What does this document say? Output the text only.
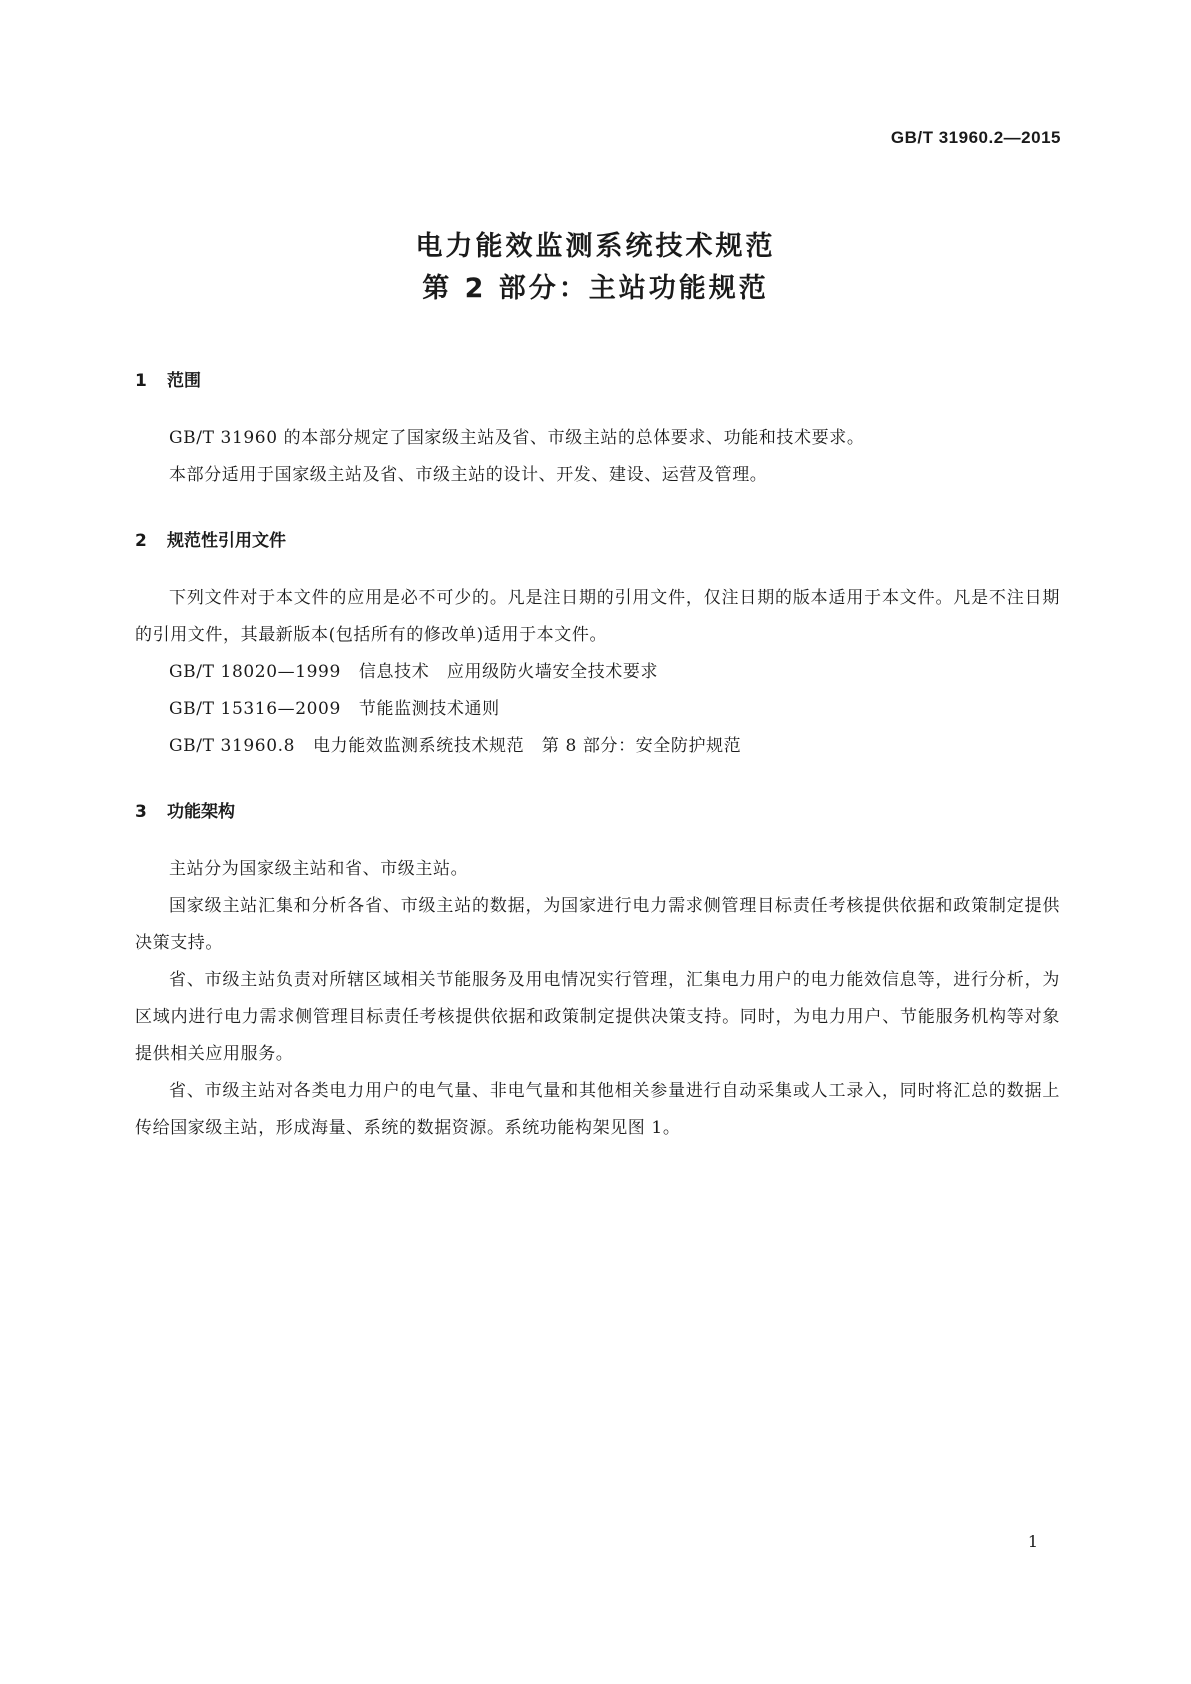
GB/T 31960.2—2015
电力能效监测系统技术规范
第 2 部分：主站功能规范
1 范围
GB/T 31960 的本部分规定了国家级主站及省、市级主站的总体要求、功能和技术要求。
本部分适用于国家级主站及省、市级主站的设计、开发、建设、运营及管理。
2 规范性引用文件
下列文件对于本文件的应用是必不可少的。凡是注日期的引用文件，仅注日期的版本适用于本文件。凡是不注日期的引用文件，其最新版本(包括所有的修改单)适用于本文件。
GB/T 18020—1999 信息技术　应用级防火墙安全技术要求
GB/T 15316—2009 节能监测技术通则
GB/T 31960.8 电力能效监测系统技术规范　第 8 部分：安全防护规范
3 功能架构
主站分为国家级主站和省、市级主站。
国家级主站汇集和分析各省、市级主站的数据，为国家进行电力需求侧管理目标责任考核提供依据和政策制定提供决策支持。
省、市级主站负责对所辖区域相关节能服务及用电情况实行管理，汇集电力用户的电力能效信息等，进行分析，为区域内进行电力需求侧管理目标责任考核提供依据和政策制定提供决策支持。同时，为电力用户、节能服务机构等对象提供相关应用服务。
省、市级主站对各类电力用户的电气量、非电气量和其他相关参量进行自动采集或人工录入，同时将汇总的数据上传给国家级主站，形成海量、系统的数据资源。系统功能构架见图 1。
1
